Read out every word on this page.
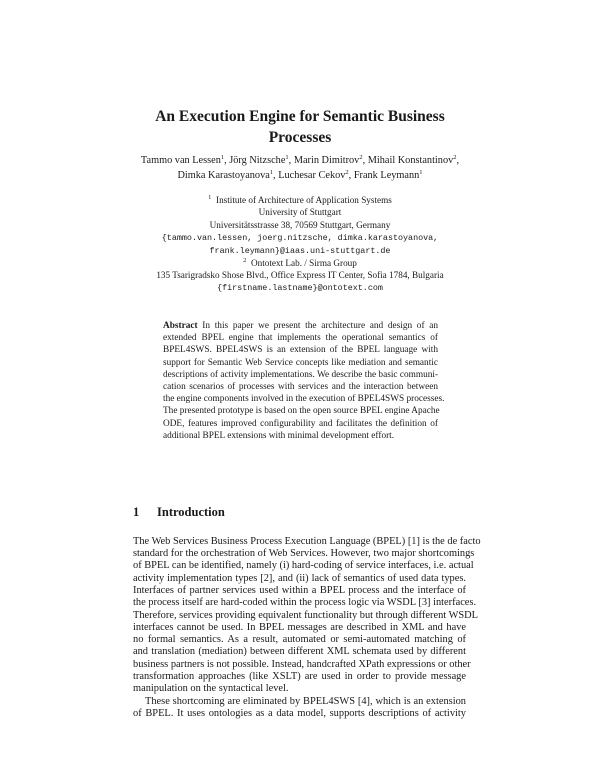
An Execution Engine for Semantic Business
Processes
Tammo van Lessen$^1$, Jörg Nitzsche$^1$, Marin Dimitrov$^2$, Mihail Konstantinov$^2$,
Dimka Karastoyanova$^1$, Luchesar Cekov$^2$, Frank Leymann$^1$
$^1$ Institute of Architecture of Application Systems
University of Stuttgart
Universitätsstrasse 38, 70569 Stuttgart, Germany
{tammo.van.lessen, joerg.nitzsche, dimka.karastoyanova,
frank.leymann}@iaas.uni-stuttgart.de
$^2$ Ontotext Lab. / Sirma Group
135 Tsarigradsko Shose Blvd., Office Express IT Center, Sofia 1784, Bulgaria
{firstname.lastname}@ontotext.com
Abstract In this paper we present the architecture and design of an
extended BPEL engine that implements the operational semantics of
BPEL4SWS. BPEL4SWS is an extension of the BPEL language with
support for Semantic Web Service concepts like mediation and semantic
descriptions of activity implementations. We describe the basic communi-
cation scenarios of processes with services and the interaction between
the engine components involved in the execution of BPEL4SWS processes.
The presented prototype is based on the open source BPEL engine Apache
ODE, features improved configurability and facilitates the definition of
additional BPEL extensions with minimal development effort.
1 Introduction
The Web Services Business Process Execution Language (BPEL) [1] is the de facto
standard for the orchestration of Web Services. However, two major shortcomings
of BPEL can be identified, namely (i) hard-coding of service interfaces, i.e. actual
activity implementation types [2], and (ii) lack of semantics of used data types.
Interfaces of partner services used within a BPEL process and the interface of
the process itself are hard-coded within the process logic via WSDL [3] interfaces.
Therefore, services providing equivalent functionality but through different WSDL
interfaces cannot be used. In BPEL messages are described in XML and have
no formal semantics. As a result, automated or semi-automated matching of
and translation (mediation) between different XML schemata used by different
business partners is not possible. Instead, handcrafted XPath expressions or other
transformation approaches (like XSLT) are used in order to provide message
manipulation on the syntactical level.
These shortcoming are eliminated by BPEL4SWS [4], which is an extension
of BPEL. It uses ontologies as a data model, supports descriptions of activity
